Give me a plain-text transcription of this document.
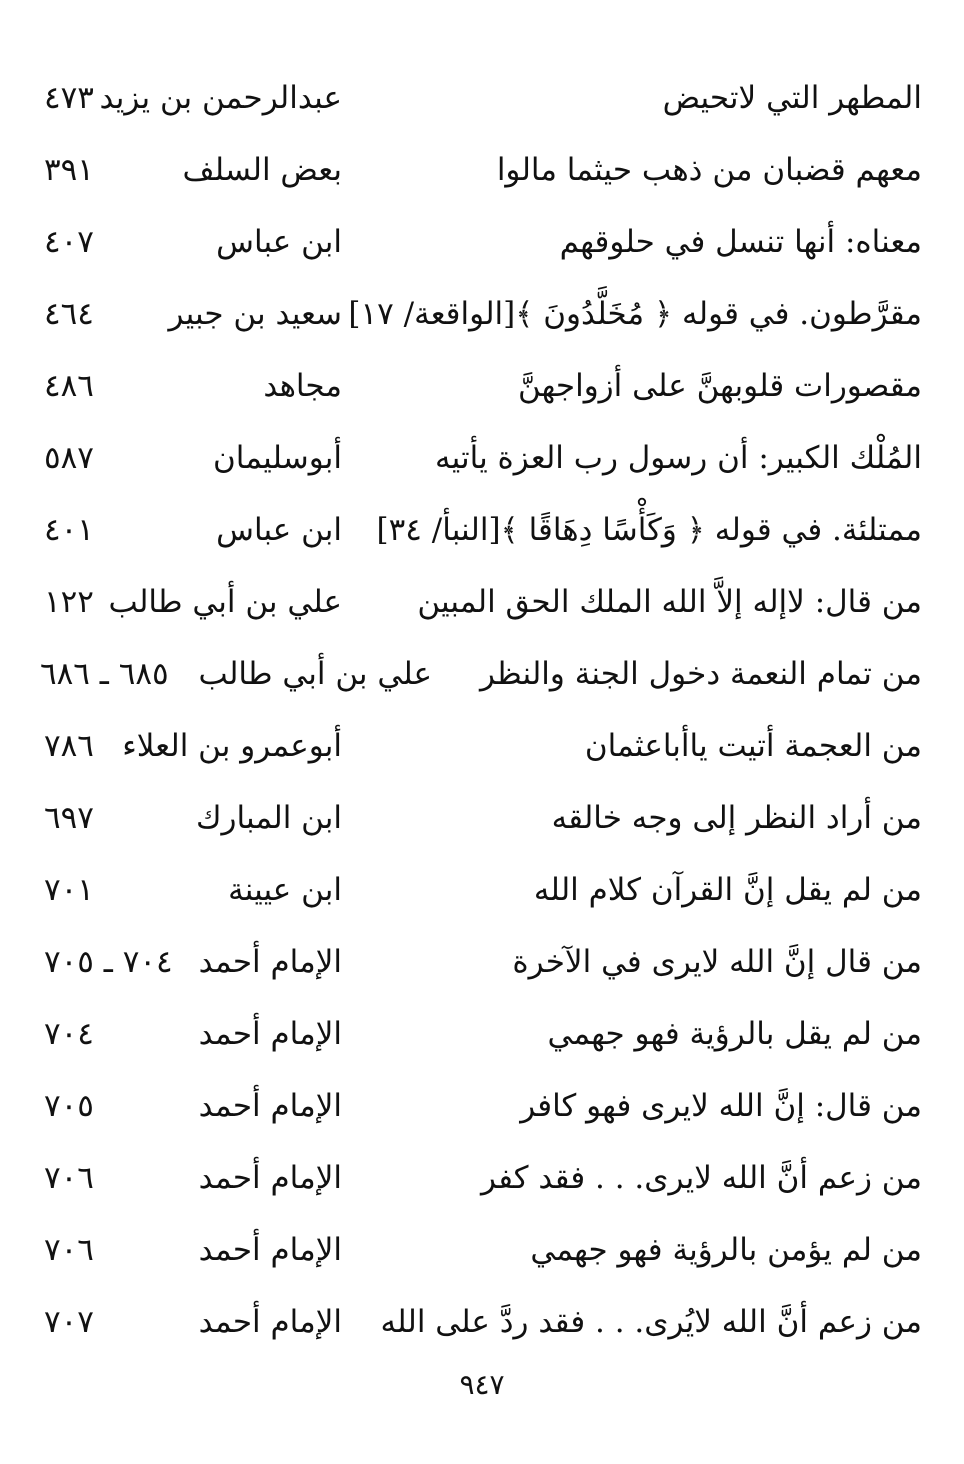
المطهر التي لاتحيض
عبدالرحمن بن يزيد
٤٧٣
معهم قضبان من ذهب حيثما مالوا
بعض السلف
٣٩١
معناه: أنها تنسل في حلوقهم
ابن عباس
٤٠٧
مقرَّطون. في قوله ﴿ مُخَلَّدُونَ ﴾[الواقعة/ ١٧]
سعيد بن جبير
٤٦٤
مقصورات قلوبهنَّ على أزواجهنَّ
مجاهد
٤٨٦
المُلْك الكبير: أن رسول رب العزة يأتيه
أبوسليمان
٥٨٧
ممتلئة. في قوله ﴿ وَكَأْسًا دِهَاقًا ﴾[النبأ/ ٣٤]
ابن عباس
٤٠١
من قال: لاإله إلاَّ الله الملك الحق المبين
علي بن أبي طالب
١٢٢
من تمام النعمة دخول الجنة والنظر
علي بن أبي طالب
٦٨٥ ـ ٦٨٦
من العجمة أتيت ياأباعثمان
أبوعمرو بن العلاء
٧٨٦
من أراد النظر إلى وجه خالقه
ابن المبارك
٦٩٧
من لم يقل إنَّ القرآن كلام الله
ابن عيينة
٧٠١
من قال إنَّ الله لايرى في الآخرة
الإمام أحمد
٧٠٤ ـ ٧٠٥
من لم يقل بالرؤية فهو جهمي
الإمام أحمد
٧٠٤
من قال: إنَّ الله لايرى فهو كافر
الإمام أحمد
٧٠٥
من زعم أنَّ الله لايرى. . . فقد كفر
الإمام أحمد
٧٠٦
من لم يؤمن بالرؤية فهو جهمي
الإمام أحمد
٧٠٦
من زعم أنَّ الله لايُرى. . . فقد ردَّ على الله
الإمام أحمد
٧٠٧
٩٤٧
